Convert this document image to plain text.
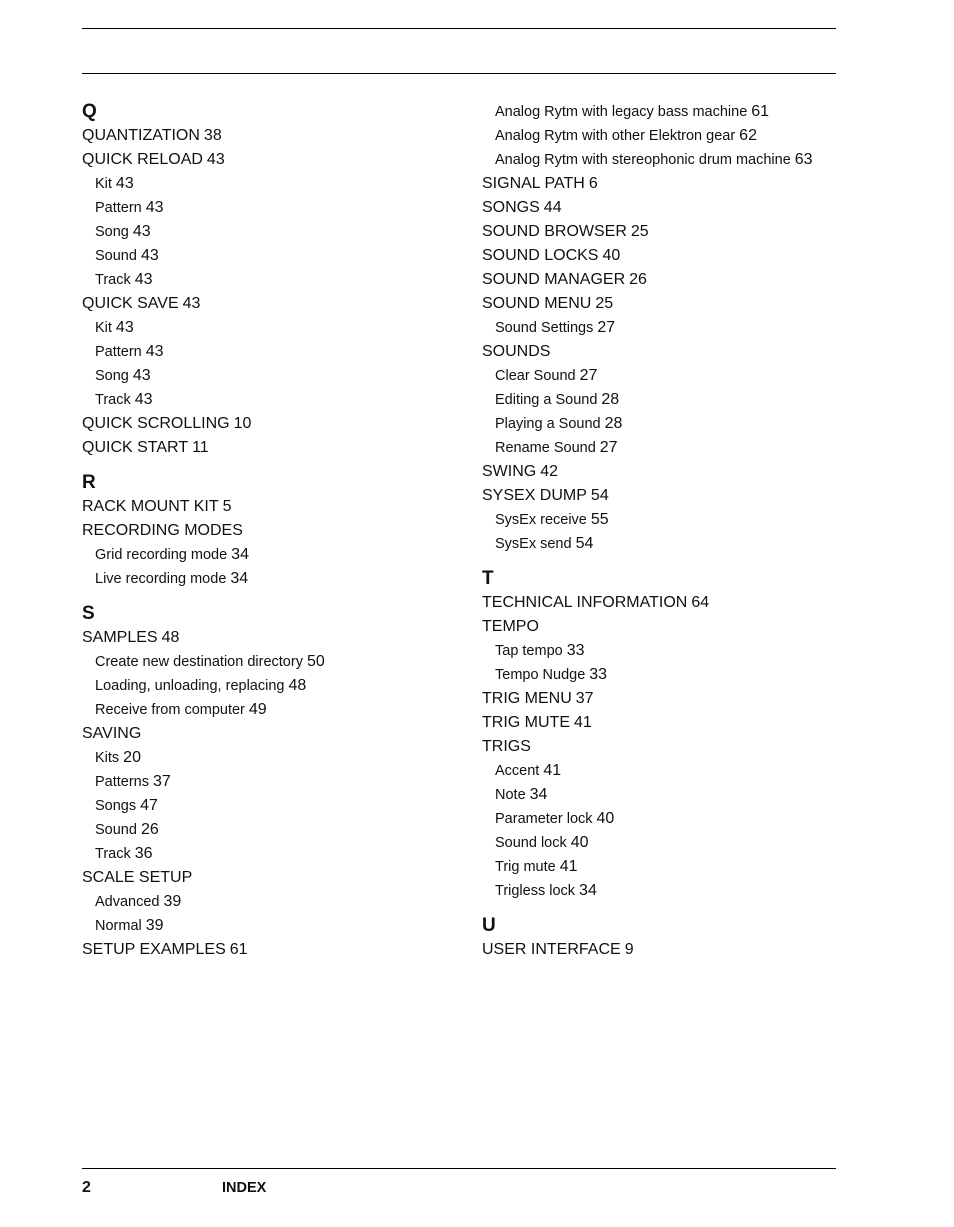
Q
QUANTIZATION 38
QUICK RELOAD 43
Kit 43
Pattern 43
Song 43
Sound 43
Track 43
QUICK SAVE 43
Kit 43
Pattern 43
Song 43
Track 43
QUICK SCROLLING 10
QUICK START 11
R
RACK MOUNT KIT 5
RECORDING MODES
Grid recording mode 34
Live recording mode 34
S
SAMPLES 48
Create new destination directory 50
Loading, unloading, replacing 48
Receive from computer 49
SAVING
Kits 20
Patterns 37
Songs 47
Sound 26
Track 36
SCALE SETUP
Advanced 39
Normal 39
SETUP EXAMPLES 61
Analog Rytm with legacy bass machine 61
Analog Rytm with other Elektron gear 62
Analog Rytm with stereophonic drum machine 63
SIGNAL PATH 6
SONGS 44
SOUND BROWSER 25
SOUND LOCKS 40
SOUND MANAGER 26
SOUND MENU 25
Sound Settings 27
SOUNDS
Clear Sound 27
Editing a Sound 28
Playing a Sound 28
Rename Sound 27
SWING 42
SYSEX DUMP 54
SysEx receive 55
SysEx send 54
T
TECHNICAL INFORMATION 64
TEMPO
Tap tempo 33
Tempo Nudge 33
TRIG MENU 37
TRIG MUTE 41
TRIGS
Accent 41
Note 34
Parameter lock 40
Sound lock 40
Trig mute 41
Trigless lock 34
U
USER INTERFACE 9
2	INDEX
